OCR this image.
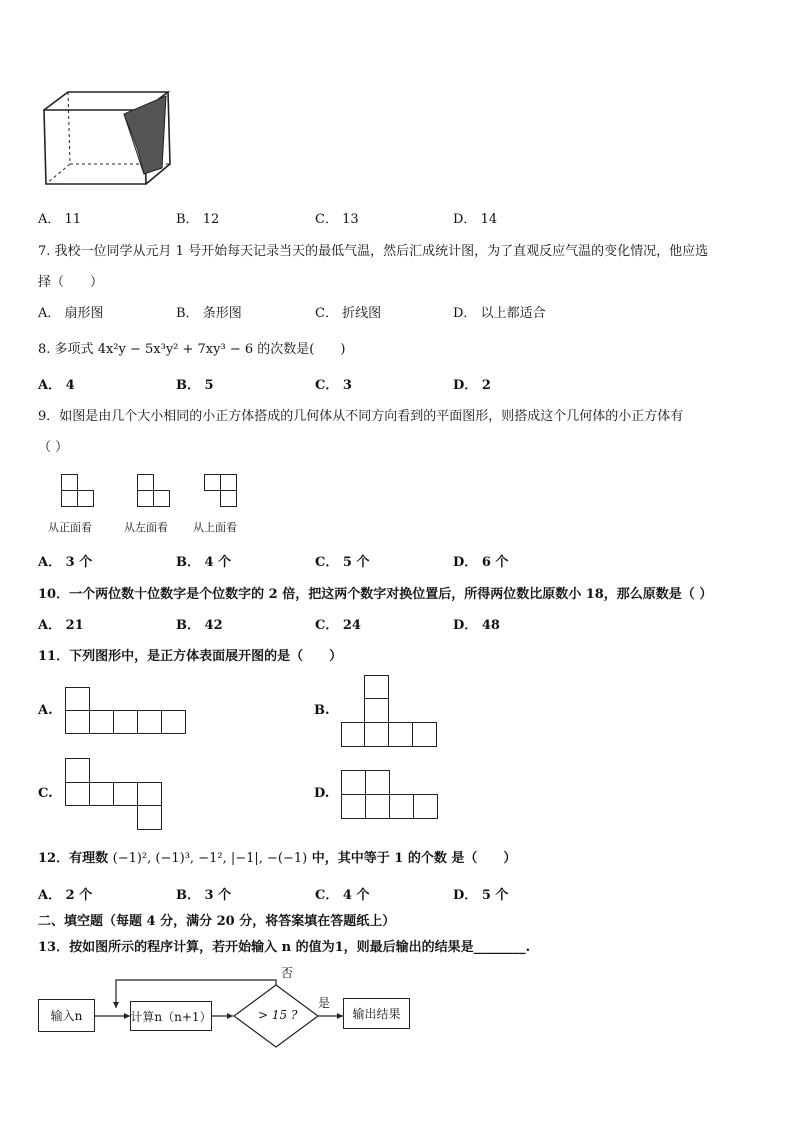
A． 11	B． 12	C． 13	D． 14
7. 我校一位同学从元月 1 号开始每天记录当天的最低气温，然后汇成统计图，为了直观反应气温的变化情况，他应选
择（　　）
A． 扇形图	B． 条形图	C． 折线图	D． 以上都适合
8. 多项式 4x²y − 5x³y² + 7xy³ − 6 的次数是(　　)
A． 4	B． 5	C． 3	D． 2
9．如图是由几个大小相同的小正方体搭成的几何体从不同方向看到的平面图形，则搭成这个几何体的小正方体有
（ ）
从正面看	从左面看 从上面看
A． 3 个	B． 4 个	C． 5 个	D． 6 个
10．一个两位数十位数字是个位数字的 2 倍，把这两个数字对换位置后，所得两位数比原数小 18，那么原数是（ ）
A． 21	B． 42	C． 24	D． 48
11．下列图形中，是正方体表面展开图的是（　　）
A.	B.
C.	D.
12．有理数 (−1)², (−1)³, −1², |−1|, −(−1) 中，其中等于 1 的个数 是（　　）
A． 2 个	B． 3 个	C． 4 个	D． 5 个
二、填空题（每题 4 分，满分 20 分，将答案填在答题纸上）
13．按如图所示的程序计算，若开始输入 n 的值为1，则最后输出的结果是________.
输入n	计算n（n+1）	> 15 ?	输出结果
否
是
